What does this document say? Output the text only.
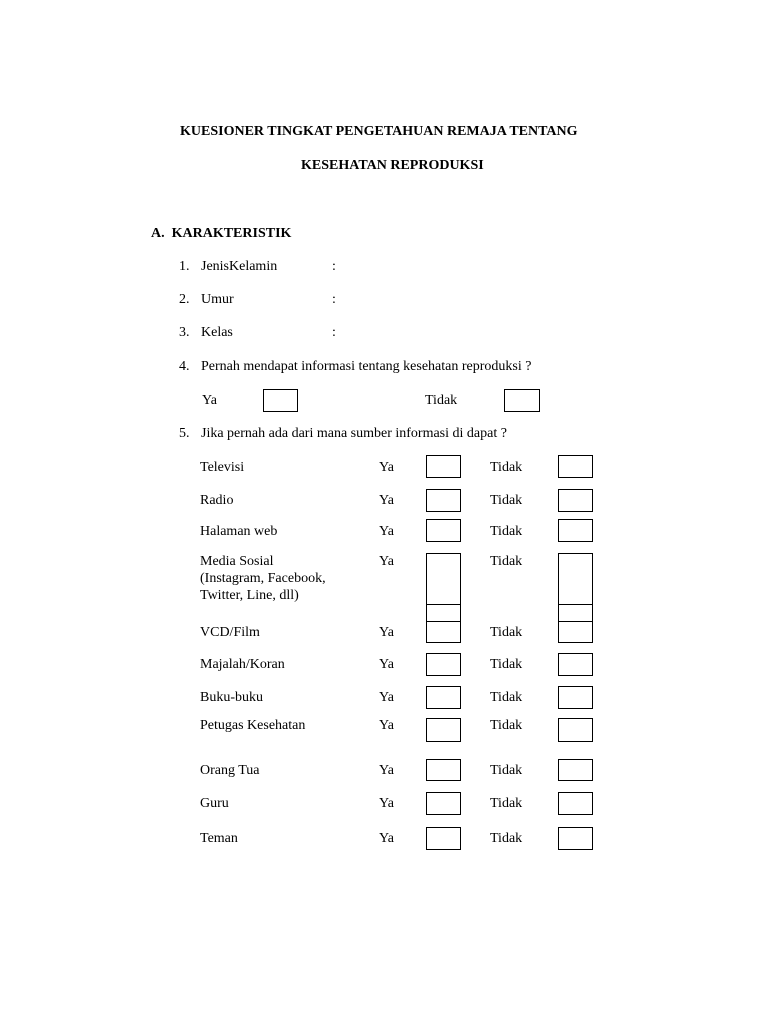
KUESIONER TINGKAT PENGETAHUAN REMAJA TENTANG
KESEHATAN REPRODUKSI
A.  KARAKTERISTIK
1. JenisKelamin	:
2. Umur	:
3. Kelas	:
4. Pernah mendapat informasi tentang kesehatan reproduksi ?
Ya	Tidak
5. Jika pernah ada dari mana sumber informasi di dapat ?
Televisi	Ya	Tidak
Radio	Ya	Tidak
Halaman web	Ya	Tidak
Media Sosial
(Instagram, Facebook,
Twitter, Line, dll)
Ya	Tidak
VCD/Film	Ya	Tidak
Majalah/Koran	Ya	Tidak
Buku-buku	Ya	Tidak
Petugas Kesehatan	Ya	Tidak
Orang Tua	Ya	Tidak
Guru	Ya	Tidak
Teman	Ya	Tidak
